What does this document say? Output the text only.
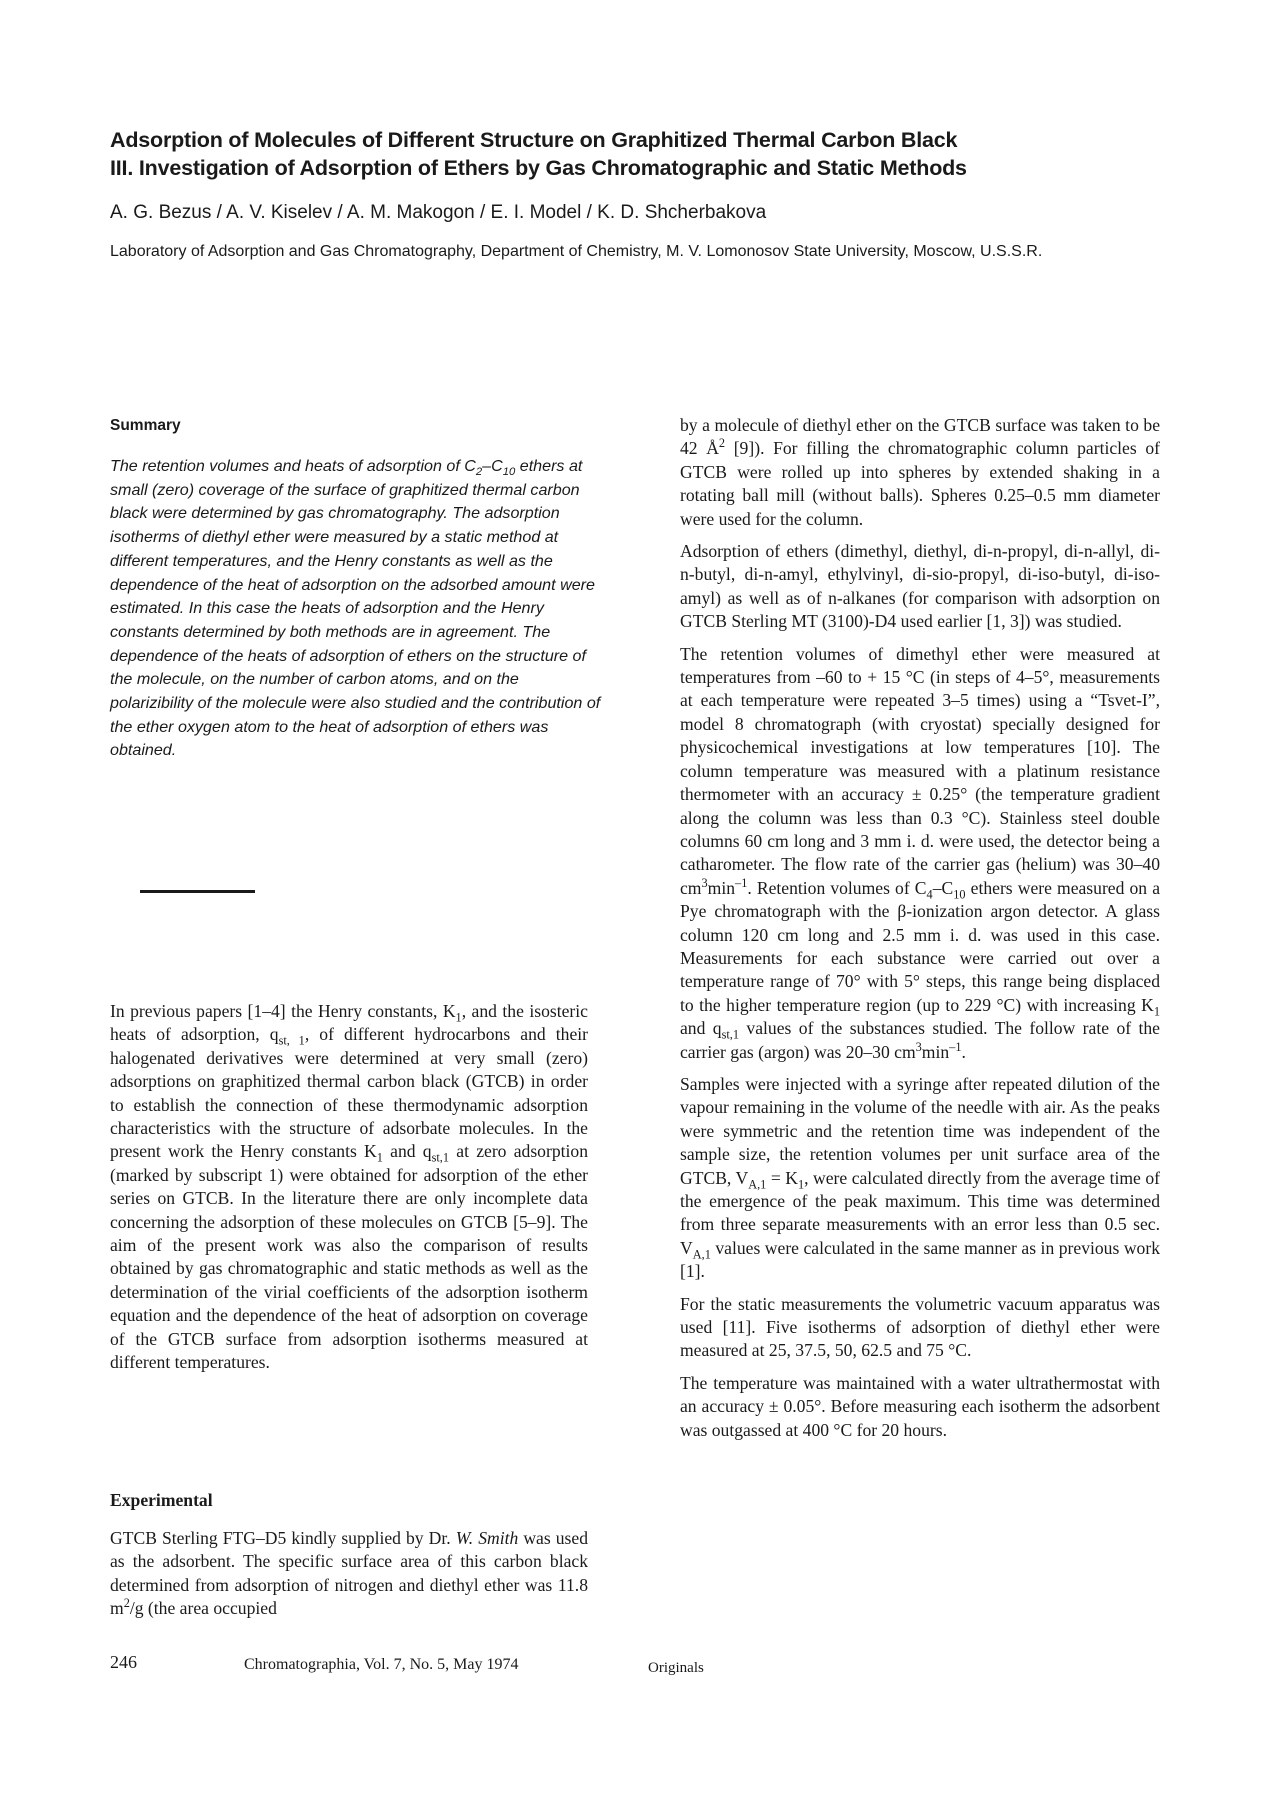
Adsorption of Molecules of Different Structure on Graphitized Thermal Carbon Black
III. Investigation of Adsorption of Ethers by Gas Chromatographic and Static Methods
A. G. Bezus / A. V. Kiselev / A. M. Makogon / E. I. Model / K. D. Shcherbakova
Laboratory of Adsorption and Gas Chromatography, Department of Chemistry, M. V. Lomonosov State University, Moscow, U.S.S.R.
Summary
The retention volumes and heats of adsorption of $C_2-C_{10}$ ethers at small (zero) coverage of the surface of graphitized thermal carbon black were determined by gas chromatography. The adsorption isotherms of diethyl ether were measured by a static method at different temperatures, and the Henry constants as well as the dependence of the heat of adsorption on the adsorbed amount were estimated. In this case the heats of adsorption and the Henry constants determined by both methods are in agreement. The dependence of the heats of adsorption of ethers on the structure of the molecule, on the number of carbon atoms, and on the polarizibility of the molecule were also studied and the contribution of the ether oxygen atom to the heat of adsorption of ethers was obtained.

In previous papers [1–4] the Henry constants, $K_1$, and the isosteric heats of adsorption, $q_{st, 1}$, of different hydrocarbons and their halogenated derivatives were determined at very small (zero) adsorptions on graphitized thermal carbon black (GTCB) in order to establish the connection of these thermodynamic adsorption characteristics with the structure of adsorbate molecules. In the present work the Henry constants $K_1$ and $q_{st,1}$ at zero adsorption (marked by subscript 1) were obtained for adsorption of the ether series on GTCB. In the literature there are only incomplete data concerning the adsorption of these molecules on GTCB [5–9]. The aim of the present work was also the comparison of results obtained by gas chromatographic and static methods as well as the determination of the virial coefficients of the adsorption isotherm equation and the dependence of the heat of adsorption on coverage of the GTCB surface from adsorption isotherms measured at different temperatures.

Experimental

GTCB Sterling FTG–D5 kindly supplied by Dr. W. Smith was used as the adsorbent. The specific surface area of this carbon black determined from adsorption of nitrogen and diethyl ether was 11.8 $m^2/g$ (the area occupied

by a molecule of diethyl ether on the GTCB surface was taken to be 42 $Å^2$ [9]). For filling the chromatographic column particles of GTCB were rolled up into spheres by extended shaking in a rotating ball mill (without balls). Spheres 0.25–0.5 mm diameter were used for the column.

Adsorption of ethers (dimethyl, diethyl, di-n-propyl, di-n-allyl, di-n-butyl, di-n-amyl, ethylvinyl, di-sio-propyl, di-iso-butyl, di-iso-amyl) as well as of n-alkanes (for comparison with adsorption on GTCB Sterling MT (3100)-D4 used earlier [1, 3]) was studied.

The retention volumes of dimethyl ether were measured at temperatures from –60 to + 15 °C (in steps of 4–5°, measurements at each temperature were repeated 3–5 times) using a “Tsvet-I”, model 8 chromatograph (with cryostat) specially designed for physicochemical investigations at low temperatures [10]. The column temperature was measured with a platinum resistance thermometer with an accuracy ± 0.25° (the temperature gradient along the column was less than 0.3 °C). Stainless steel double columns 60 cm long and 3 mm i. d. were used, the detector being a catharometer. The flow rate of the carrier gas (helium) was 30–40 $cm^3\min^{-1}$. Retention volumes of $C_4-C_{10}$ ethers were measured on a Pye chromatograph with the β-ionization argon detector. A glass column 120 cm long and 2.5 mm i. d. was used in this case. Measurements for each substance were carried out over a temperature range of 70° with 5° steps, this range being displaced to the higher temperature region (up to 229 °C) with increasing $K_1$ and $q_{st,1}$ values of the substances studied. The follow rate of the carrier gas (argon) was 20–30 $cm^3\min^{-1}$.

Samples were injected with a syringe after repeated dilution of the vapour remaining in the volume of the needle with air. As the peaks were symmetric and the retention time was independent of the sample size, the retention volumes per unit surface area of the GTCB, $V_{A,1} = K_1$, were calculated directly from the average time of the emergence of the peak maximum. This time was determined from three separate measurements with an error less than 0.5 sec. $V_{A,1}$ values were calculated in the same manner as in previous work [1].

For the static measurements the volumetric vacuum apparatus was used [11]. Five isotherms of adsorption of diethyl ether were measured at 25, 37.5, 50, 62.5 and 75 °C.

The temperature was maintained with a water ultrathermostat with an accuracy ± 0.05°. Before measuring each isotherm the adsorbent was outgassed at 400 °C for 20 hours.

246	Chromatographia, Vol. 7, No. 5, May 1974	Originals
